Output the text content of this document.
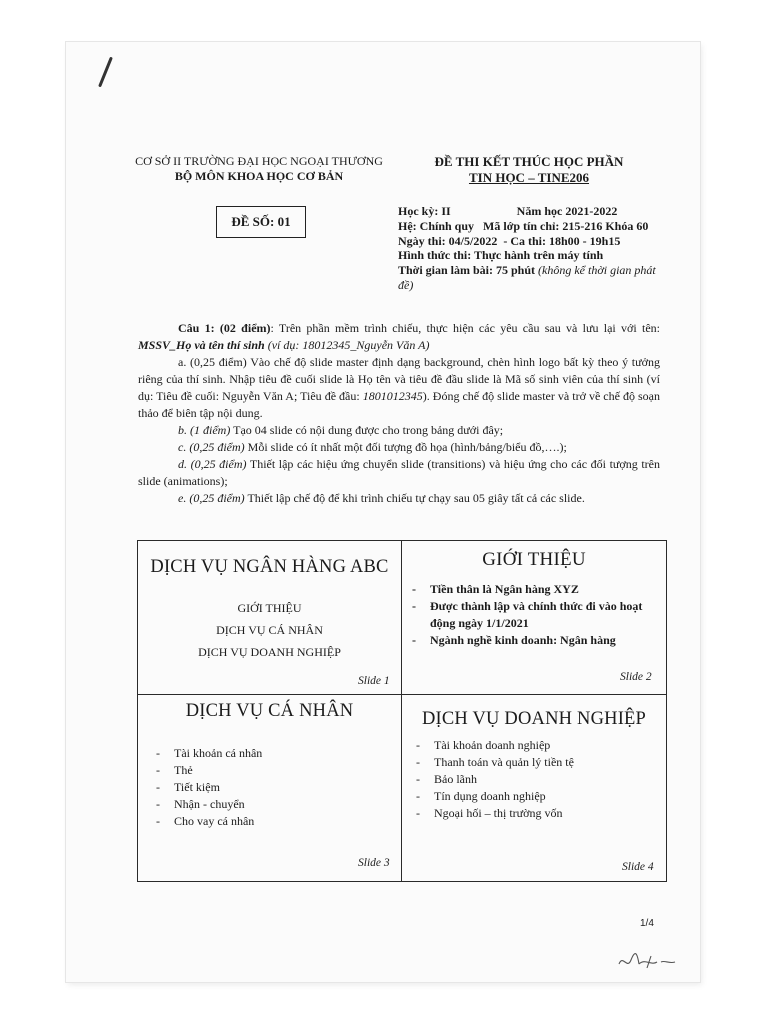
CƠ SỞ II TRƯỜNG ĐẠI HỌC NGOẠI THƯƠNG
BỘ MÔN KHOA HỌC CƠ BẢN
ĐỀ THI KẾT THÚC HỌC PHẦN
TIN HỌC – TINE206
ĐỀ SỐ: 01
Học kỳ: II	Năm học 2021-2022
Hệ: Chính quy Mã lớp tín chỉ: 215-216 Khóa 60
Ngày thi: 04/5/2022 - Ca thi: 18h00 - 19h15
Hình thức thi: Thực hành trên máy tính
Thời gian làm bài: 75 phút (không kể thời gian phát đề)

Câu 1: (02 điểm): Trên phần mềm trình chiếu, thực hiện các yêu cầu sau và lưu lại với tên: MSSV_Họ và tên thí sinh (ví dụ: 18012345_Nguyễn Văn A)

a. (0,25 điểm) Vào chế độ slide master định dạng background, chèn hình logo bất kỳ theo ý tưởng riêng của thí sinh. Nhập tiêu đề cuối slide là Họ tên và tiêu đề đầu slide là Mã số sinh viên của thí sinh (ví dụ: Tiêu đề cuối: Nguyễn Văn A; Tiêu đề đầu: 1801012345). Đóng chế độ slide master và trở về chế độ soạn thảo để biên tập nội dung.

b. (1 điểm) Tạo 04 slide có nội dung được cho trong bảng dưới đây;

c. (0,25 điểm) Mỗi slide có ít nhất một đối tượng đồ họa (hình/bảng/biểu đồ,….);

d. (0,25 điểm) Thiết lập các hiệu ứng chuyển slide (transitions) và hiệu ứng cho các đối tượng trên slide (animations);

e. (0,25 điểm) Thiết lập chế độ để khi trình chiếu tự chạy sau 05 giây tất cả các slide.

DỊCH VỤ NGÂN HÀNG ABC
GIỚI THIỆU
DỊCH VỤ CÁ NHÂN
DỊCH VỤ DOANH NGHIỆP
Slide 1
GIỚI THIỆU
- Tiền thân là Ngân hàng XYZ
- Được thành lập và chính thức đi vào hoạt động ngày 1/1/2021
- Ngành nghề kinh doanh: Ngân hàng
Slide 2
DỊCH VỤ CÁ NHÂN
- Tài khoản cá nhân
- Thẻ
- Tiết kiệm
- Nhận - chuyển
- Cho vay cá nhân
Slide 3
DỊCH VỤ DOANH NGHIỆP
- Tài khoản doanh nghiệp
- Thanh toán và quản lý tiền tệ
- Bảo lãnh
- Tín dụng doanh nghiệp
- Ngoại hối – thị trường vốn
Slide 4
1/4
